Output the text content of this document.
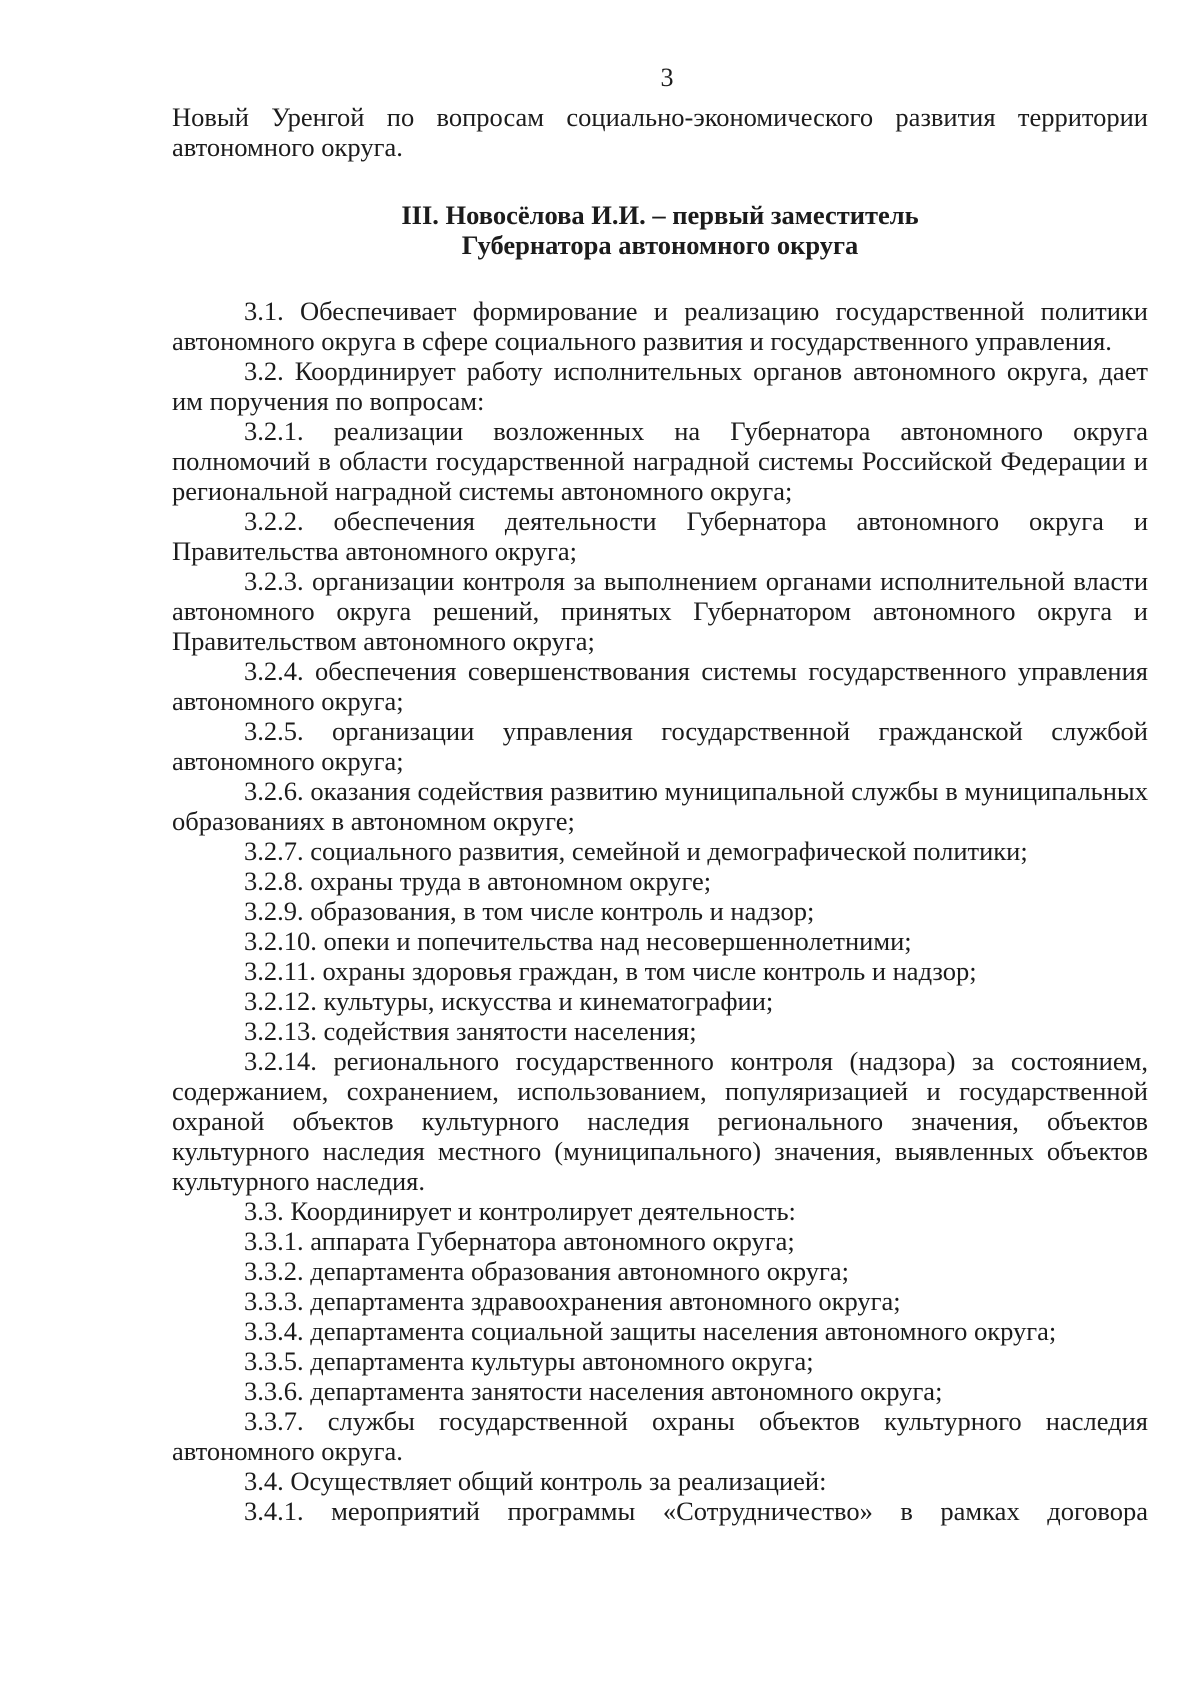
3

Новый Уренгой по вопросам социально-экономического развития территории автономного округа.

III. Новосёлова И.И. – первый заместитель
Губернатора автономного округа

3.1. Обеспечивает формирование и реализацию государственной политики автономного округа в сфере социального развития и государственного управления.

3.2. Координирует работу исполнительных органов автономного округа, дает им поручения по вопросам:

3.2.1. реализации возложенных на Губернатора автономного округа полномочий в области государственной наградной системы Российской Федерации и региональной наградной системы автономного округа;

3.2.2. обеспечения деятельности Губернатора автономного округа и Правительства автономного округа;

3.2.3. организации контроля за выполнением органами исполнительной власти автономного округа решений, принятых Губернатором автономного округа и Правительством автономного округа;

3.2.4. обеспечения совершенствования системы государственного управления автономного округа;

3.2.5. организации управления государственной гражданской службой автономного округа;

3.2.6. оказания содействия развитию муниципальной службы в муниципальных образованиях в автономном округе;

3.2.7. социального развития, семейной и демографической политики;

3.2.8. охраны труда в автономном округе;

3.2.9. образования, в том числе контроль и надзор;

3.2.10. опеки и попечительства над несовершеннолетними;

3.2.11. охраны здоровья граждан, в том числе контроль и надзор;

3.2.12. культуры, искусства и кинематографии;

3.2.13. содействия занятости населения;

3.2.14. регионального государственного контроля (надзора) за состоянием, содержанием, сохранением, использованием, популяризацией и государственной охраной объектов культурного наследия регионального значения, объектов культурного наследия местного (муниципального) значения, выявленных объектов культурного наследия.

3.3. Координирует и контролирует деятельность:

3.3.1. аппарата Губернатора автономного округа;

3.3.2. департамента образования автономного округа;

3.3.3. департамента здравоохранения автономного округа;

3.3.4. департамента социальной защиты населения автономного округа;

3.3.5. департамента культуры автономного округа;

3.3.6. департамента занятости населения автономного округа;

3.3.7. службы государственной охраны объектов культурного наследия автономного округа.

3.4. Осуществляет общий контроль за реализацией:

3.4.1. мероприятий программы «Сотрудничество» в рамках договора
